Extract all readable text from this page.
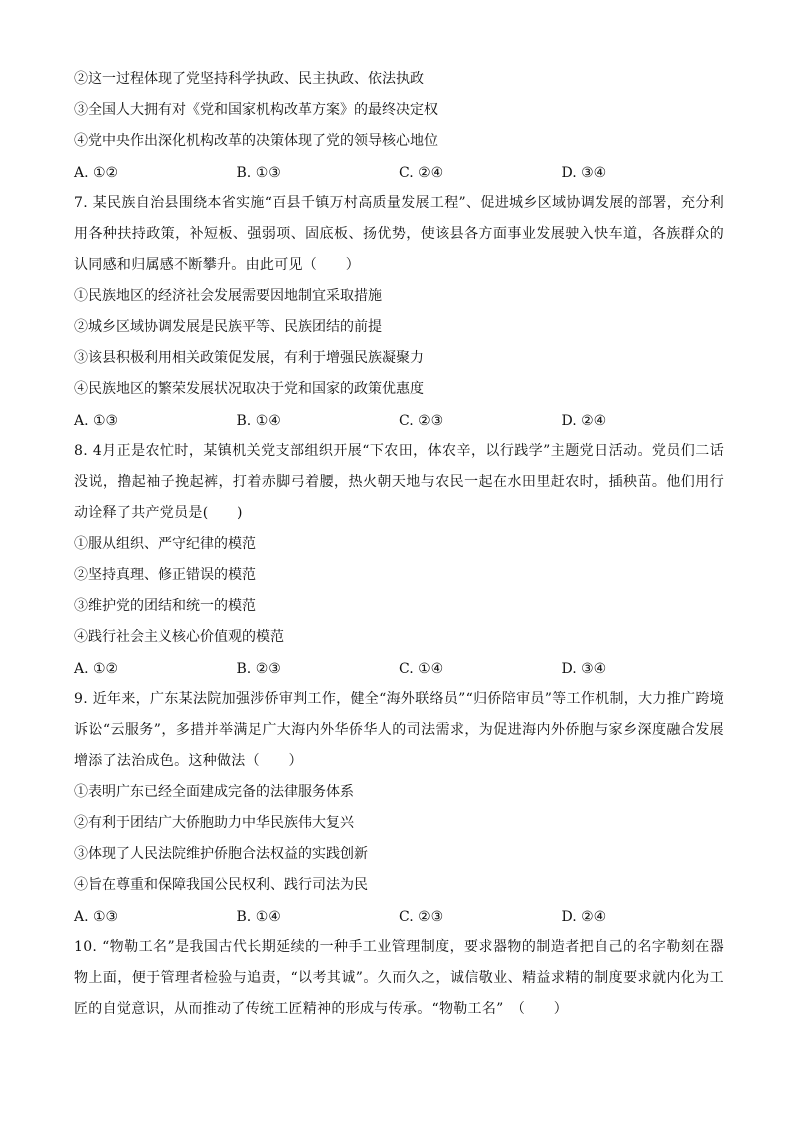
②这一过程体现了党坚持科学执政、民主执政、依法执政

③全国人大拥有对《党和国家机构改革方案》的最终决定权

④党中央作出深化机构改革的决策体现了党的领导核心地位

A. ①②	B. ①③	C. ②④	D. ③④

7. 某民族自治县围绕本省实施“百县千镇万村高质量发展工程”、促进城乡区域协调发展的部署，充分利用各种扶持政策，补短板、强弱项、固底板、扬优势，使该县各方面事业发展驶入快车道，各族群众的认同感和归属感不断攀升。由此可见（　　）

①民族地区的经济社会发展需要因地制宜采取措施

②城乡区域协调发展是民族平等、民族团结的前提

③该县积极利用相关政策促发展，有利于增强民族凝聚力

④民族地区的繁荣发展状况取决于党和国家的政策优惠度

A. ①③	B. ①④	C. ②③	D. ②④

8. 4月正是农忙时，某镇机关党支部组织开展“下农田，体农辛，以行践学”主题党日活动。党员们二话没说，撸起袖子挽起裤，打着赤脚弓着腰，热火朝天地与农民一起在水田里赶农时，插秧苗。他们用行动诠释了共产党员是(　　)

①服从组织、严守纪律的模范

②坚持真理、修正错误的模范

③维护党的团结和统一的模范

④践行社会主义核心价值观的模范

A. ①②	B. ②③	C. ①④	D. ③④

9. 近年来，广东某法院加强涉侨审判工作，健全“海外联络员”“归侨陪审员”等工作机制，大力推广跨境诉讼“云服务”，多措并举满足广大海内外华侨华人的司法需求，为促进海内外侨胞与家乡深度融合发展增添了法治成色。这种做法（　　）

①表明广东已经全面建成完备的法律服务体系

②有利于团结广大侨胞助力中华民族伟大复兴

③体现了人民法院维护侨胞合法权益的实践创新

④旨在尊重和保障我国公民权利、践行司法为民

A. ①③	B. ①④	C. ②③	D. ②④

10. “物勒工名”是我国古代长期延续的一种手工业管理制度，要求器物的制造者把自己的名字勒刻在器物上面，便于管理者检验与追责，“以考其诚”。久而久之，诚信敬业、精益求精的制度要求就内化为工匠的自觉意识，从而推动了传统工匠精神的形成与传承。“物勒工名”　（　　）
